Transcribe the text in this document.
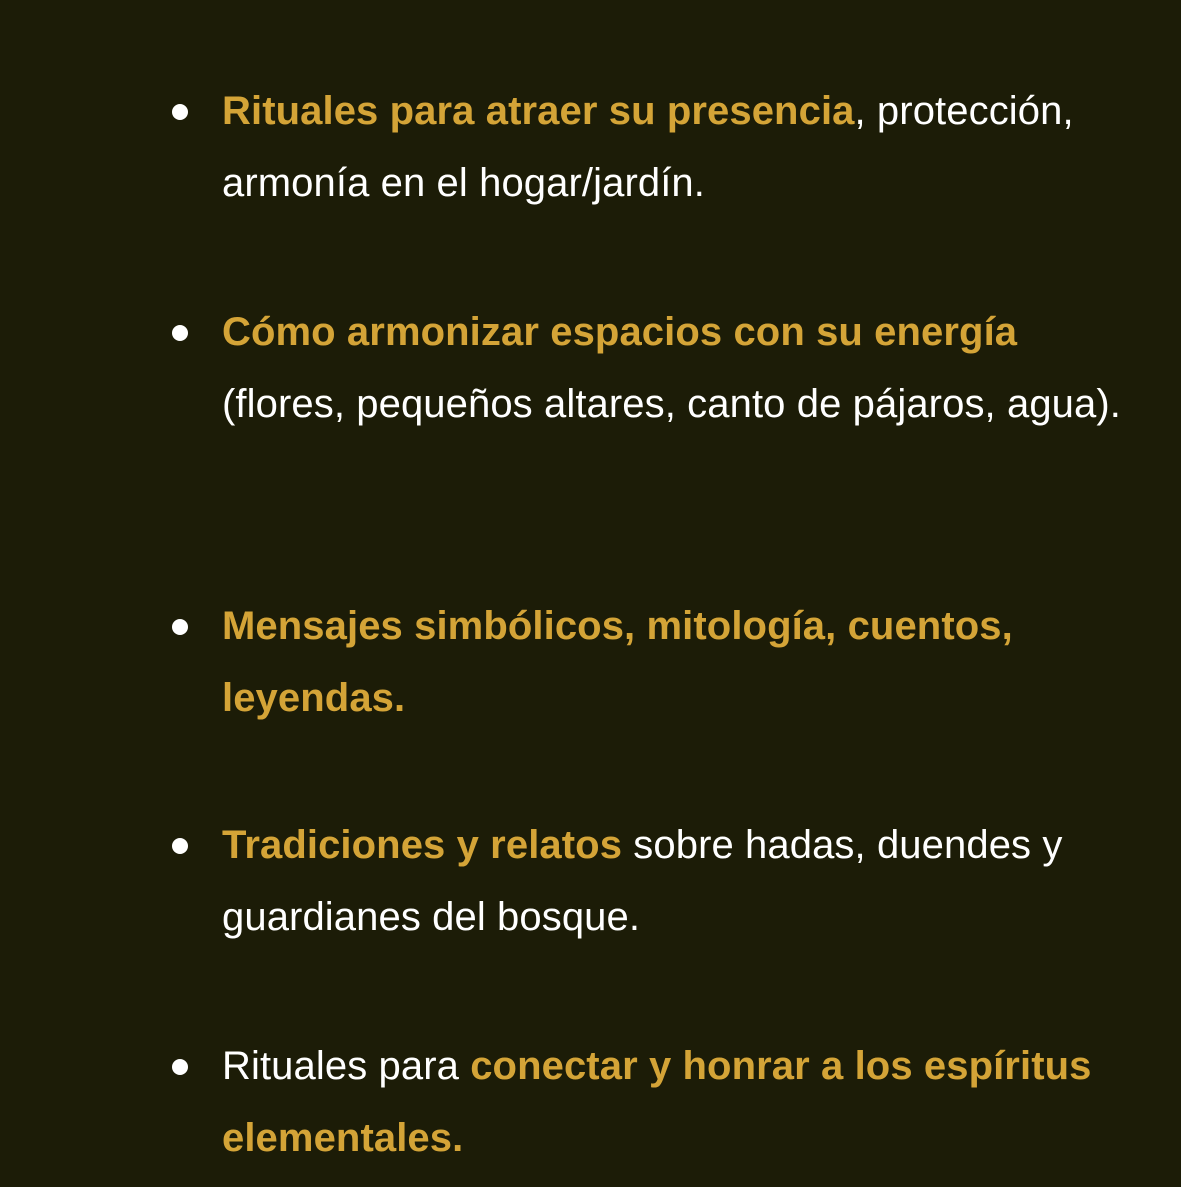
Rituales para atraer su presencia, protección, armonía en el hogar/jardín.
Cómo armonizar espacios con su energía (flores, pequeños altares, canto de pájaros, agua).
Mensajes simbólicos, mitología, cuentos, leyendas.
Tradiciones y relatos sobre hadas, duendes y guardianes del bosque.
Rituales para conectar y honrar a los espíritus elementales.
